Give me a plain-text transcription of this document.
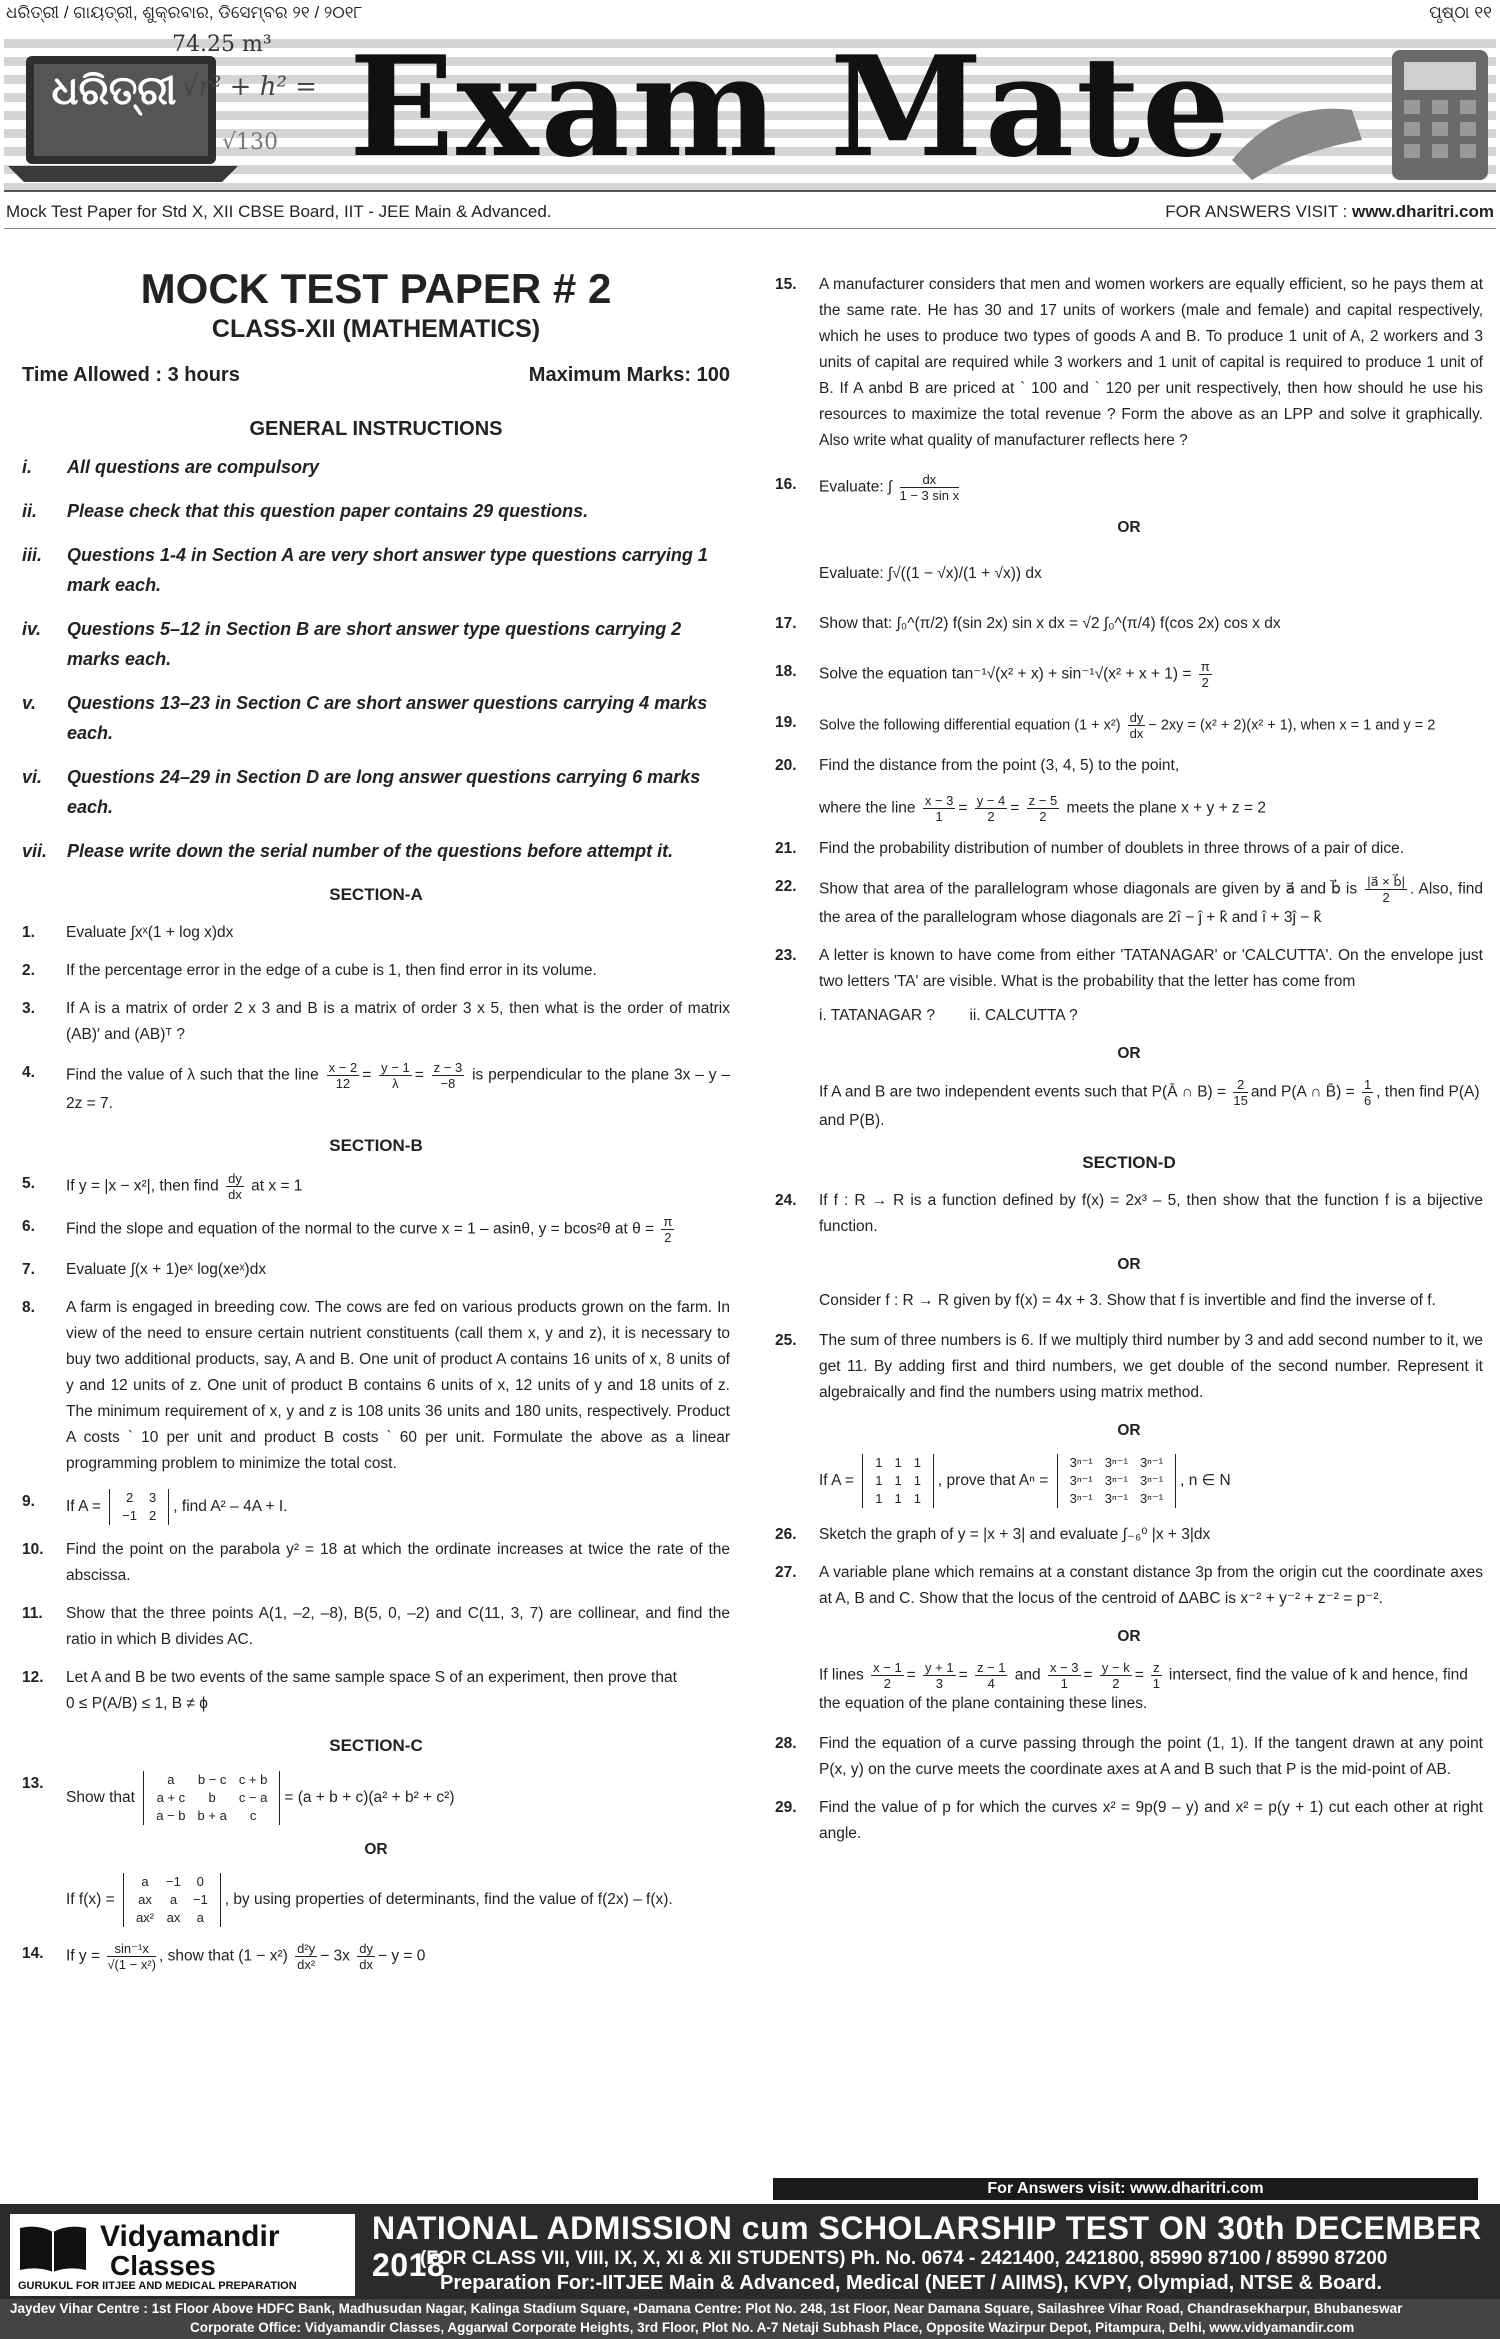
ଧରିତ୍ରୀ / ଗାୟତ୍ରୀ, ଶୁକ୍ରବାର, ଡିସେମ୍ବର ୨୧ / ୨୦୧୮	ପୃଷ୍ଠା ୧୧
74.25 m³
√r² + h² =
√130
ଧରିତ୍ରୀ Exam Mate
Mock Test Paper for Std X, XII CBSE Board, IIT - JEE Main & Advanced.	FOR ANSWERS VISIT : www.dharitri.com
MOCK TEST PAPER # 2
CLASS-XII (MATHEMATICS)
Time Allowed : 3 hours	Maximum Marks: 100
GENERAL INSTRUCTIONS
i.	All questions are compulsory
ii.	Please check that this question paper contains 29 questions.
iii.	Questions 1-4 in Section A are very short answer type questions carrying 1 mark each.
iv.	Questions 5–12 in Section B are short answer type questions carrying 2 marks each.
v.	Questions 13–23 in Section C are short answer questions carrying 4 marks each.
vi.	Questions 24–29 in Section D are long answer questions carrying 6 marks each.
vii.	Please write down the serial number of the questions before attempt it.
SECTION-A
1.	Evaluate ∫xˣ(1 + log x)dx
2.	If the percentage error in the edge of a cube is 1, then find error in its volume.
3.	If A is a matrix of order 2 x 3 and B is a matrix of order 3 x 5, then what is the order of matrix (AB)′ and (AB)ᵀ ?
4.	Find the value of λ such that the line $\frac{x - 2}{12} = \frac{y - 1}{\lambda} = \frac{z - 3}{-8}$ is perpendicular to the plane 3x – y – 2z = 7.
SECTION-B
5.	If y = |x − x²|, then find $\frac{dy}{dx}$ at x = 1
6.	Find the slope and equation of the normal to the curve x = 1 – asinθ, y = bcos²θ at $\theta = \frac{\pi}{2}$
7.	Evaluate ∫(x + 1)eˣ log(xeˣ)dx
8.	A farm is engaged in breeding cow. The cows are fed on various products grown on the farm. In view of the need to ensure certain nutrient constituents (call them x, y and z), it is necessary to buy two additional products, say, A and B. One unit of product A contains 16 units of x, 8 units of y and 12 units of z. One unit of product B contains 6 units of x, 12 units of y and 18 units of z. The minimum requirement of x, y and z is 108 units 36 units and 180 units, respectively. Product A costs ` 10 per unit and product B costs ` 60 per unit. Formulate the above as a linear programming problem to minimize the total cost.
9.	If A =
2	3
−1	2
, find A² – 4A + I.
10.	Find the point on the parabola y² = 18 at which the ordinate increases at twice the rate of the abscissa.
11.	Show that the three points A(1, –2, –8), B(5, 0, –2) and C(11, 3, 7) are collinear, and find the ratio in which B divides AC.
12.	Let A and B be two events of the same sample space S of an experiment, then prove that
0 ≤ P(A/B) ≤ 1, B ≠ ϕ
SECTION-C
13.
Show that
a	b − c	c + b
a + c	b	c − a
a − b	b + a	c
= (a + b + c)(a² + b² + c²)
OR
If f(x) =
a	−1	0
ax	a	−1
ax²	ax	a
, by using properties of determinants, find the value of f(2x) – f(x).
14.	If $y = \frac{\text{sin⁻¹x}}{\text{√(1 − x²)}}$ , show that $(1 - x^2) \frac{\text{d²y}}{\text{dx²}} - 3x \frac{dy}{dx} - y = 0$
15.	A manufacturer considers that men and women workers are equally efficient, so he pays them at the same rate. He has 30 and 17 units of workers (male and female) and capital respectively, which he uses to produce two types of goods A and B. To produce 1 unit of A, 2 workers and 3 units of capital are required while 3 workers and 1 unit of capital is required to produce 1 unit of B. If A anbd B are priced at ` 100 and ` 120 per unit respectively, then how should he use his resources to maximize the total revenue ? Form the above as an LPP and solve it graphically. Also write what quality of manufacturer reflects here ?
16.	Evaluate: ∫ $\frac{dx}{\text{1 − 3 sin x}}$
OR
Evaluate: ∫√((1 − √x)/(1 + √x)) dx
17.	Show that: ∫₀^(π/2) f(sin 2x) sin x dx = √2 ∫₀^(π/4) f(cos 2x) cos x dx
18.	Solve the equation $\tan^{-1}√(x^2 + x) + \sin^{-1}√(x^2 + x + 1) = \frac{\pi}{2}$
19.	Solve the following differential equation $(1 + x^2) \frac{dy}{dx} - 2xy = (x^2 + 2)(x^2 + 1)$, when x = 1 and y = 2
20.	Find the distance from the point (3, 4, 5) to the point,
where the line $\frac{x - 3}{1} = \frac{y - 4}{2} = \frac{z - 5}{2}$ meets the plane x + y + z = 2
21.	Find the probability distribution of number of doublets in three throws of a pair of dice.
22.	Show that area of the parallelogram whose diagonals are given by a⃗ and b⃗ is $\frac{|a⃗ \times b⃗|}{2}$ . Also, find the area of the parallelogram whose diagonals are 2î − ĵ + k̂ and î + 3ĵ − k̂
23.	A letter is known to have come from either 'TATANAGAR' or 'CALCUTTA'. On the envelope just two letters 'TA' are visible. What is the probability that the letter has come from
i. TATANAGAR ? ii. CALCUTTA ?
OR
If A and B are two independent events such that P(Ā ∩ $B) = \frac{2}{15}$ and P(A ∩ B̄) = $\frac{1}{6}$ , then find P(A) and P(B).
SECTION-D
24.	If f : R → R is a function defined by f(x) = 2x³ – 5, then show that the function f is a bijective function.
OR
Consider f : R → R given by f(x) = 4x + 3. Show that f is invertible and find the inverse of f.
25.	The sum of three numbers is 6. If we multiply third number by 3 and add second number to it, we get 11. By adding first and third numbers, we get double of the second number. Represent it algebraically and find the numbers using matrix method.
OR
If A =
1	1	1
1	1	1
1	1	1
, prove that Aⁿ =
3ⁿ⁻¹	3ⁿ⁻¹	3ⁿ⁻¹
3ⁿ⁻¹	3ⁿ⁻¹	3ⁿ⁻¹
3ⁿ⁻¹	3ⁿ⁻¹	3ⁿ⁻¹
, n ∈ N
26.	Sketch the graph of y = |x + 3| and evaluate ∫₋₆⁰ |x + 3|dx
27.	A variable plane which remains at a constant distance 3p from the origin cut the coordinate axes at A, B and C. Show that the locus of the centroid of ΔABC is x⁻² + y⁻² + z⁻² = p⁻².
OR
If lines $\frac{x - 1}{2} = \frac{y + 1}{3} = \frac{z - 1}{4}$ and $\frac{x - 3}{1} = \frac{y - k}{2} = \frac{z}{1}$ intersect, find the value of k and hence, find the equation of the plane containing these lines.
28.	Find the equation of a curve passing through the point (1, 1). If the tangent drawn at any point P(x, y) on the curve meets the coordinate axes at A and B such that P is the mid-point of AB.
29.	Find the value of p for which the curves x² = 9p(9 – y) and x² = p(y + 1) cut each other at right angle.
For Answers visit: www.dharitri.com
Vidyamandir
Classes
GURUKUL FOR IITJEE AND MEDICAL PREPARATION
NATIONAL ADMISSION cum SCHOLARSHIP TEST ON 30th DECEMBER 2018
(FOR CLASS VII, VIII, IX, X, XI & XII STUDENTS) Ph. No. 0674 - 2421400, 2421800, 85990 87100 / 85990 87200
Preparation For:-IITJEE Main & Advanced, Medical (NEET / AIIMS), KVPY, Olympiad, NTSE & Board.
Jaydev Vihar Centre : 1st Floor Above HDFC Bank, Madhusudan Nagar, Kalinga Stadium Square, •Damana Centre: Plot No. 248, 1st Floor, Near Damana Square, Sailashree Vihar Road, Chandrasekharpur, Bhubaneswar
Corporate Office: Vidyamandir Classes, Aggarwal Corporate Heights, 3rd Floor, Plot No. A-7 Netaji Subhash Place, Opposite Wazirpur Depot, Pitampura, Delhi, www.vidyamandir.com
